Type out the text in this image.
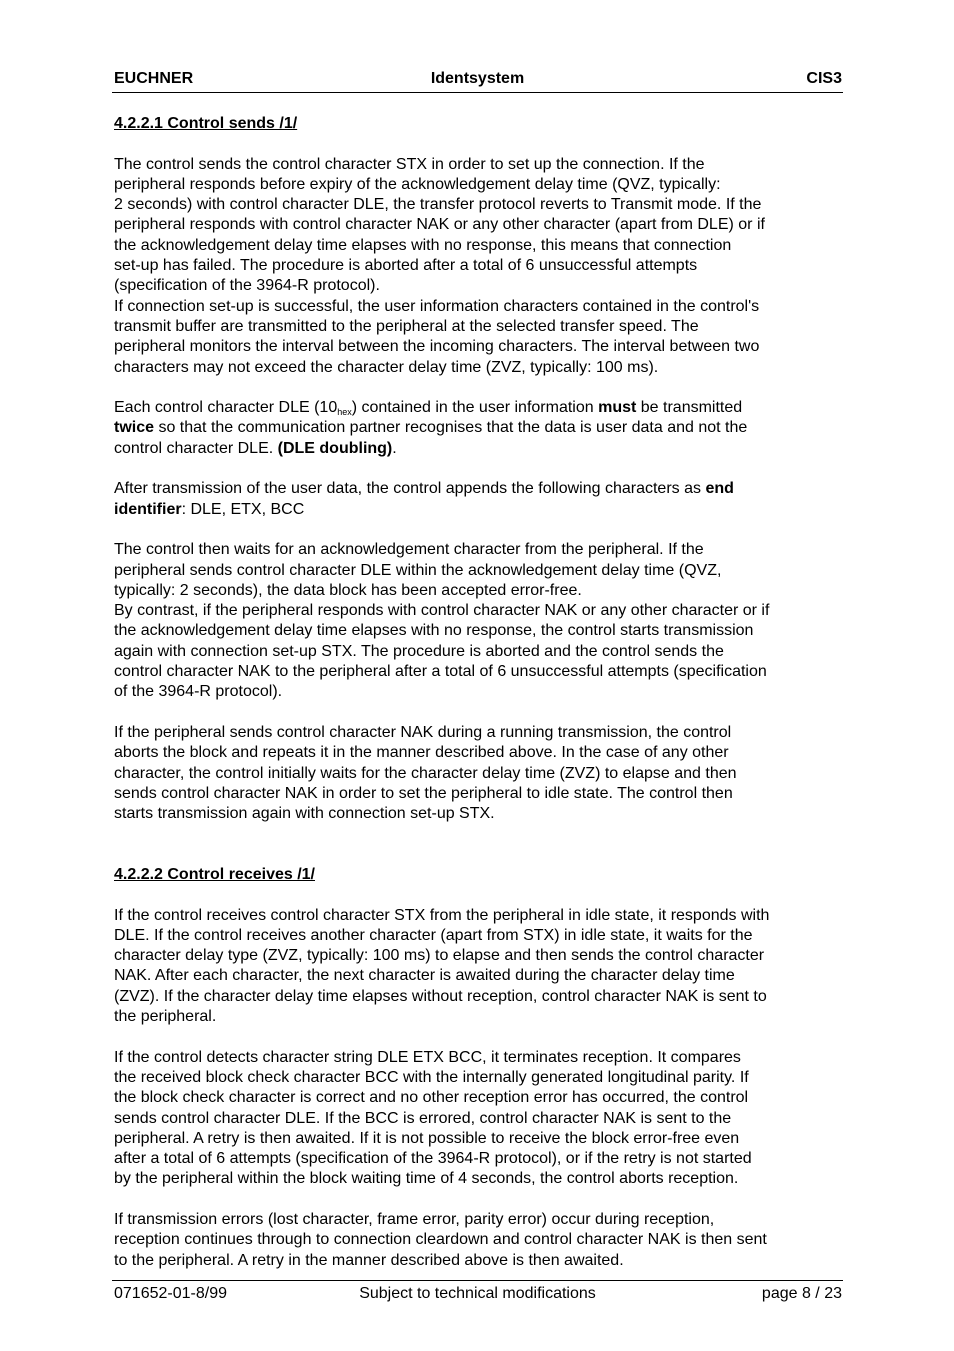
EUCHNER	Identsystem	CIS3
4.2.2.1 Control sends /1/

The control sends the control character STX in order to set up the connection. If the
peripheral responds before expiry of the acknowledgement delay time (QVZ, typically:
2 seconds) with control character DLE, the transfer protocol reverts to Transmit mode. If the
peripheral responds with control character NAK or any other character (apart from DLE) or if
the acknowledgement delay time elapses with no response, this means that connection
set-up has failed. The procedure is aborted after a total of 6 unsuccessful attempts
(specification of the 3964-R protocol).
If connection set-up is successful, the user information characters contained in the control's
transmit buffer are transmitted to the peripheral at the selected transfer speed. The
peripheral monitors the interval between the incoming characters. The interval between two
characters may not exceed the character delay time (ZVZ, typically: 100 ms).

Each control character DLE $(10_{hex})$ contained in the user information must be transmitted
twice so that the communication partner recognises that the data is user data and not the
control character DLE. (DLE doubling).

After transmission of the user data, the control appends the following characters as end
identifier: DLE, ETX, BCC

The control then waits for an acknowledgement character from the peripheral. If the
peripheral sends control character DLE within the acknowledgement delay time (QVZ,
typically: 2 seconds), the data block has been accepted error-free.
By contrast, if the peripheral responds with control character NAK or any other character or if
the acknowledgement delay time elapses with no response, the control starts transmission
again with connection set-up STX. The procedure is aborted and the control sends the
control character NAK to the peripheral after a total of 6 unsuccessful attempts (specification
of the 3964-R protocol).

If the peripheral sends control character NAK during a running transmission, the control
aborts the block and repeats it in the manner described above. In the case of any other
character, the control initially waits for the character delay time (ZVZ) to elapse and then
sends control character NAK in order to set the peripheral to idle state. The control then
starts transmission again with connection set-up STX.

4.2.2.2 Control receives /1/

If the control receives control character STX from the peripheral in idle state, it responds with
DLE. If the control receives another character (apart from STX) in idle state, it waits for the
character delay type (ZVZ, typically: 100 ms) to elapse and then sends the control character
NAK. After each character, the next character is awaited during the character delay time
(ZVZ). If the character delay time elapses without reception, control character NAK is sent to
the peripheral.

If the control detects character string DLE ETX BCC, it terminates reception. It compares
the received block check character BCC with the internally generated longitudinal parity. If
the block check character is correct and no other reception error has occurred, the control
sends control character DLE. If the BCC is errored, control character NAK is sent to the
peripheral. A retry is then awaited. If it is not possible to receive the block error-free even
after a total of 6 attempts (specification of the 3964-R protocol), or if the retry is not started
by the peripheral within the block waiting time of 4 seconds, the control aborts reception.

If transmission errors (lost character, frame error, parity error) occur during reception,
reception continues through to connection cleardown and control character NAK is then sent
to the peripheral. A retry in the manner described above is then awaited.

071652-01-8/99	Subject to technical modifications	page 8 / 23
